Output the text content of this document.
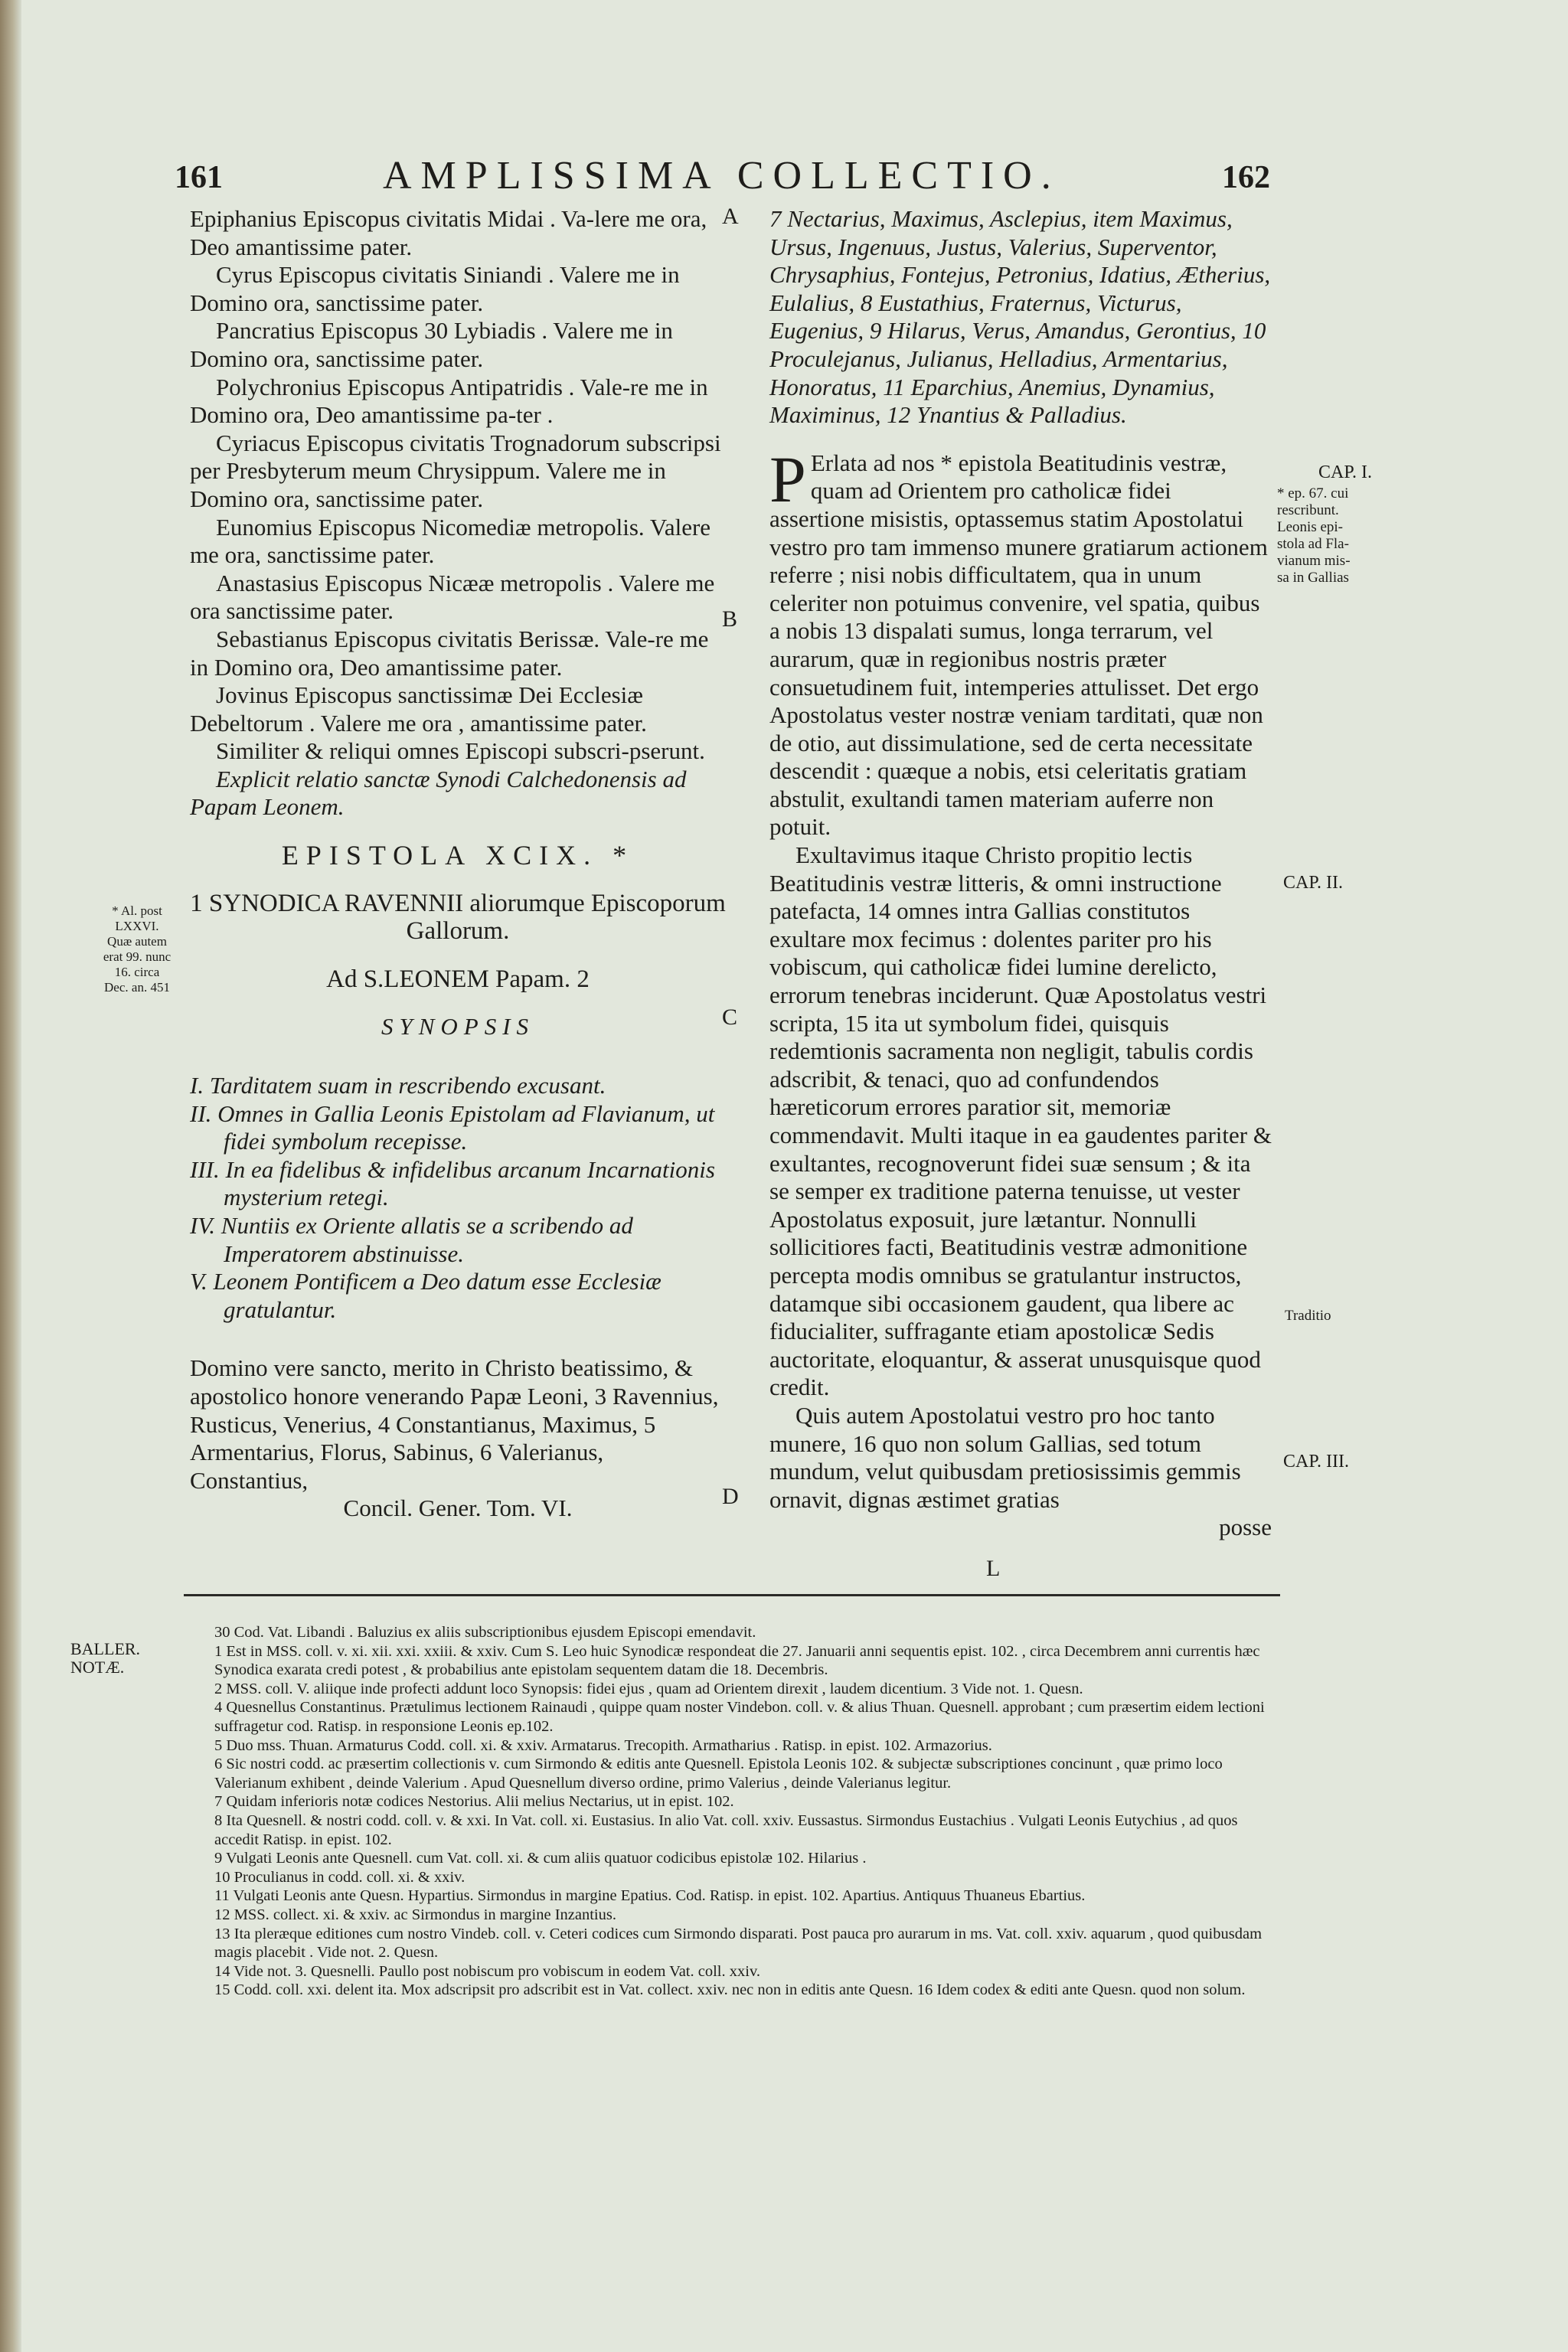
161	AMPLISSIMA COLLECTIO.	162

Epiphanius Episcopus civitatis Midai . Va-lere me ora, Deo amantissime pater.

Cyrus Episcopus civitatis Siniandi . Valere me in Domino ora, sanctissime pater.

Pancratius Episcopus 30 Lybiadis . Valere me in Domino ora, sanctissime pater.

Polychronius Episcopus Antipatridis . Vale-re me in Domino ora, Deo amantissime pa-ter .

Cyriacus Episcopus civitatis Trognadorum subscripsi per Presbyterum meum Chrysippum. Valere me in Domino ora, sanctissime pater.

Eunomius Episcopus Nicomediæ metropolis. Valere me ora, sanctissime pater.

Anastasius Episcopus Nicææ metropolis . Valere me ora sanctissime pater.

Sebastianus Episcopus civitatis Berissæ. Vale-re me in Domino ora, Deo amantissime pater.

Jovinus Episcopus sanctissimæ Dei Ecclesiæ Debeltorum . Valere me ora , amantissime pater.

Similiter & reliqui omnes Episcopi subscri-pserunt.

Explicit relatio sanctæ Synodi Calchedonensis ad Papam Leonem.

EPISTOLA XCIX. *

1 SYNODICA RAVENNII aliorumque Episcoporum Gallorum.

Ad S.LEONEM Papam. 2

SYNOPSIS

I. Tarditatem suam in rescribendo excusant.

II. Omnes in Gallia Leonis Epistolam ad Flavianum, ut fidei symbolum recepisse.

III. In ea fidelibus & infidelibus arcanum Incarnationis mysterium retegi.

IV. Nuntiis ex Oriente allatis se a scribendo ad Imperatorem abstinuisse.

V. Leonem Pontificem a Deo datum esse Ecclesiæ gratulantur.

Domino vere sancto, merito in Christo beatissimo, & apostolico honore venerando Papæ Leoni, 3 Ravennius, Rusticus, Venerius, 4 Constantianus, Maximus, 5 Armentarius, Florus, Sabinus, 6 Valerianus, Constantius,

Concil. Gener. Tom. VI.

7 Nectarius, Maximus, Asclepius, item Maximus, Ursus, Ingenuus, Justus, Valerius, Superventor, Chrysaphius, Fontejus, Petronius, Idatius, Ætherius, Eulalius, 8 Eustathius, Fraternus, Victurus, Eugenius, 9 Hilarus, Verus, Amandus, Gerontius, 10 Proculejanus, Julianus, Helladius, Armentarius, Honoratus, 11 Eparchius, Anemius, Dynamius, Maximinus, 12 Ynantius & Palladius.

P Erlata ad nos * epistola Beatitudinis vestræ, quam ad Orientem pro catholicæ fidei assertione misistis, optassemus statim Apostolatui vestro pro tam immenso munere gratiarum actionem referre ; nisi nobis difficultatem, qua in unum celeriter non potuimus convenire, vel spatia, quibus a nobis 13 dispalati sumus, longa terrarum, vel aurarum, quæ in regionibus nostris præter consuetudinem fuit, intemperies attulisset. Det ergo Apostolatus vester nostræ veniam tarditati, quæ non de otio, aut dissimulatione, sed de certa necessitate descendit : quæque a nobis, etsi celeritatis gratiam abstulit, exultandi tamen materiam auferre non potuit.

Exultavimus itaque Christo propitio lectis Beatitudinis vestræ litteris, & omni instructione patefacta, 14 omnes intra Gallias constitutos exultare mox fecimus : dolentes pariter pro his vobiscum, qui catholicæ fidei lumine derelicto, errorum tenebras inciderunt. Quæ Apostolatus vestri scripta, 15 ita ut symbolum fidei, quisquis redemtionis sacramenta non negligit, tabulis cordis adscribit, & tenaci, quo ad confundendos hæreticorum errores paratior sit, memoriæ commendavit. Multi itaque in ea gaudentes pariter & exultantes, recognoverunt fidei suæ sensum ; & ita se semper ex traditione paterna tenuisse, ut vester Apostolatus exposuit, jure lætantur. Nonnulli sollicitiores facti, Beatitudinis vestræ admonitione percepta modis omnibus se gratulantur instructos, datamque sibi occasionem gaudent, qua libere ac fiducialiter, suffragante etiam apostolicæ Sedis auctoritate, eloquantur, & asserat unusquisque quod credit.

Quis autem Apostolatui vestro pro hoc tanto munere, 16 quo non solum Gallias, sed totum mundum, velut quibusdam pretiosissimis gemmis ornavit, dignas æstimet gratias

posse

A
B
C
D
L
* Al. post
LXXVI.
Quæ autem
erat 99. nunc
16. circa
Dec. an. 451
CAP. I.
* ep. 67. cui
rescribunt.
Leonis epi-
stola ad Fla-
vianum mis-
sa in Gallias
CAP. II.
Traditio
CAP. III.
BALLER.
NOTÆ.

30 Cod. Vat. Libandi . Baluzius ex aliis subscriptionibus ejusdem Episcopi emendavit.

1 Est in MSS. coll. v. xi. xii. xxi. xxiii. & xxiv. Cum S. Leo huic Synodicæ respondeat die 27. Januarii anni sequentis epist. 102. , circa Decembrem anni currentis hæc Synodica exarata credi potest , & probabilius ante epistolam sequentem datam die 18. Decembris.

2 MSS. coll. V. aliique inde profecti addunt loco Synopsis: fidei ejus , quam ad Orientem direxit , laudem dicentium. 3 Vide not. 1. Quesn.

4 Quesnellus Constantinus. Prætulimus lectionem Rainaudi , quippe quam noster Vindebon. coll. v. & alius Thuan. Quesnell. approbant ; cum præsertim eidem lectioni suffragetur cod. Ratisp. in responsione Leonis ep.102.

5 Duo mss. Thuan. Armaturus Codd. coll. xi. & xxiv. Armatarus. Trecopith. Armatharius . Ratisp. in epist. 102. Armazorius.

6 Sic nostri codd. ac præsertim collectionis v. cum Sirmondo & editis ante Quesnell. Epistola Leonis 102. & subjectæ subscriptiones concinunt , quæ primo loco Valerianum exhibent , deinde Valerium . Apud Quesnellum diverso ordine, primo Valerius , deinde Valerianus legitur.

7 Quidam inferioris notæ codices Nestorius. Alii melius Nectarius, ut in epist. 102.

8 Ita Quesnell. & nostri codd. coll. v. & xxi. In Vat. coll. xi. Eustasius. In alio Vat. coll. xxiv. Eussastus. Sirmondus Eustachius . Vulgati Leonis Eutychius , ad quos accedit Ratisp. in epist. 102.

9 Vulgati Leonis ante Quesnell. cum Vat. coll. xi. & cum aliis quatuor codicibus epistolæ 102. Hilarius .

10 Proculianus in codd. coll. xi. & xxiv.

11 Vulgati Leonis ante Quesn. Hypartius. Sirmondus in margine Epatius. Cod. Ratisp. in epist. 102. Apartius. Antiquus Thuaneus Ebartius.

12 MSS. collect. xi. & xxiv. ac Sirmondus in margine Inzantius.

13 Ita pleræque editiones cum nostro Vindeb. coll. v. Ceteri codices cum Sirmondo disparati. Post pauca pro aurarum in ms. Vat. coll. xxiv. aquarum , quod quibusdam magis placebit . Vide not. 2. Quesn.

14 Vide not. 3. Quesnelli. Paullo post nobiscum pro vobiscum in eodem Vat. coll. xxiv.

15 Codd. coll. xxi. delent ita. Mox adscripsit pro adscribit est in Vat. collect. xxiv. nec non in editis ante Quesn. 16 Idem codex & editi ante Quesn. quod non solum.
